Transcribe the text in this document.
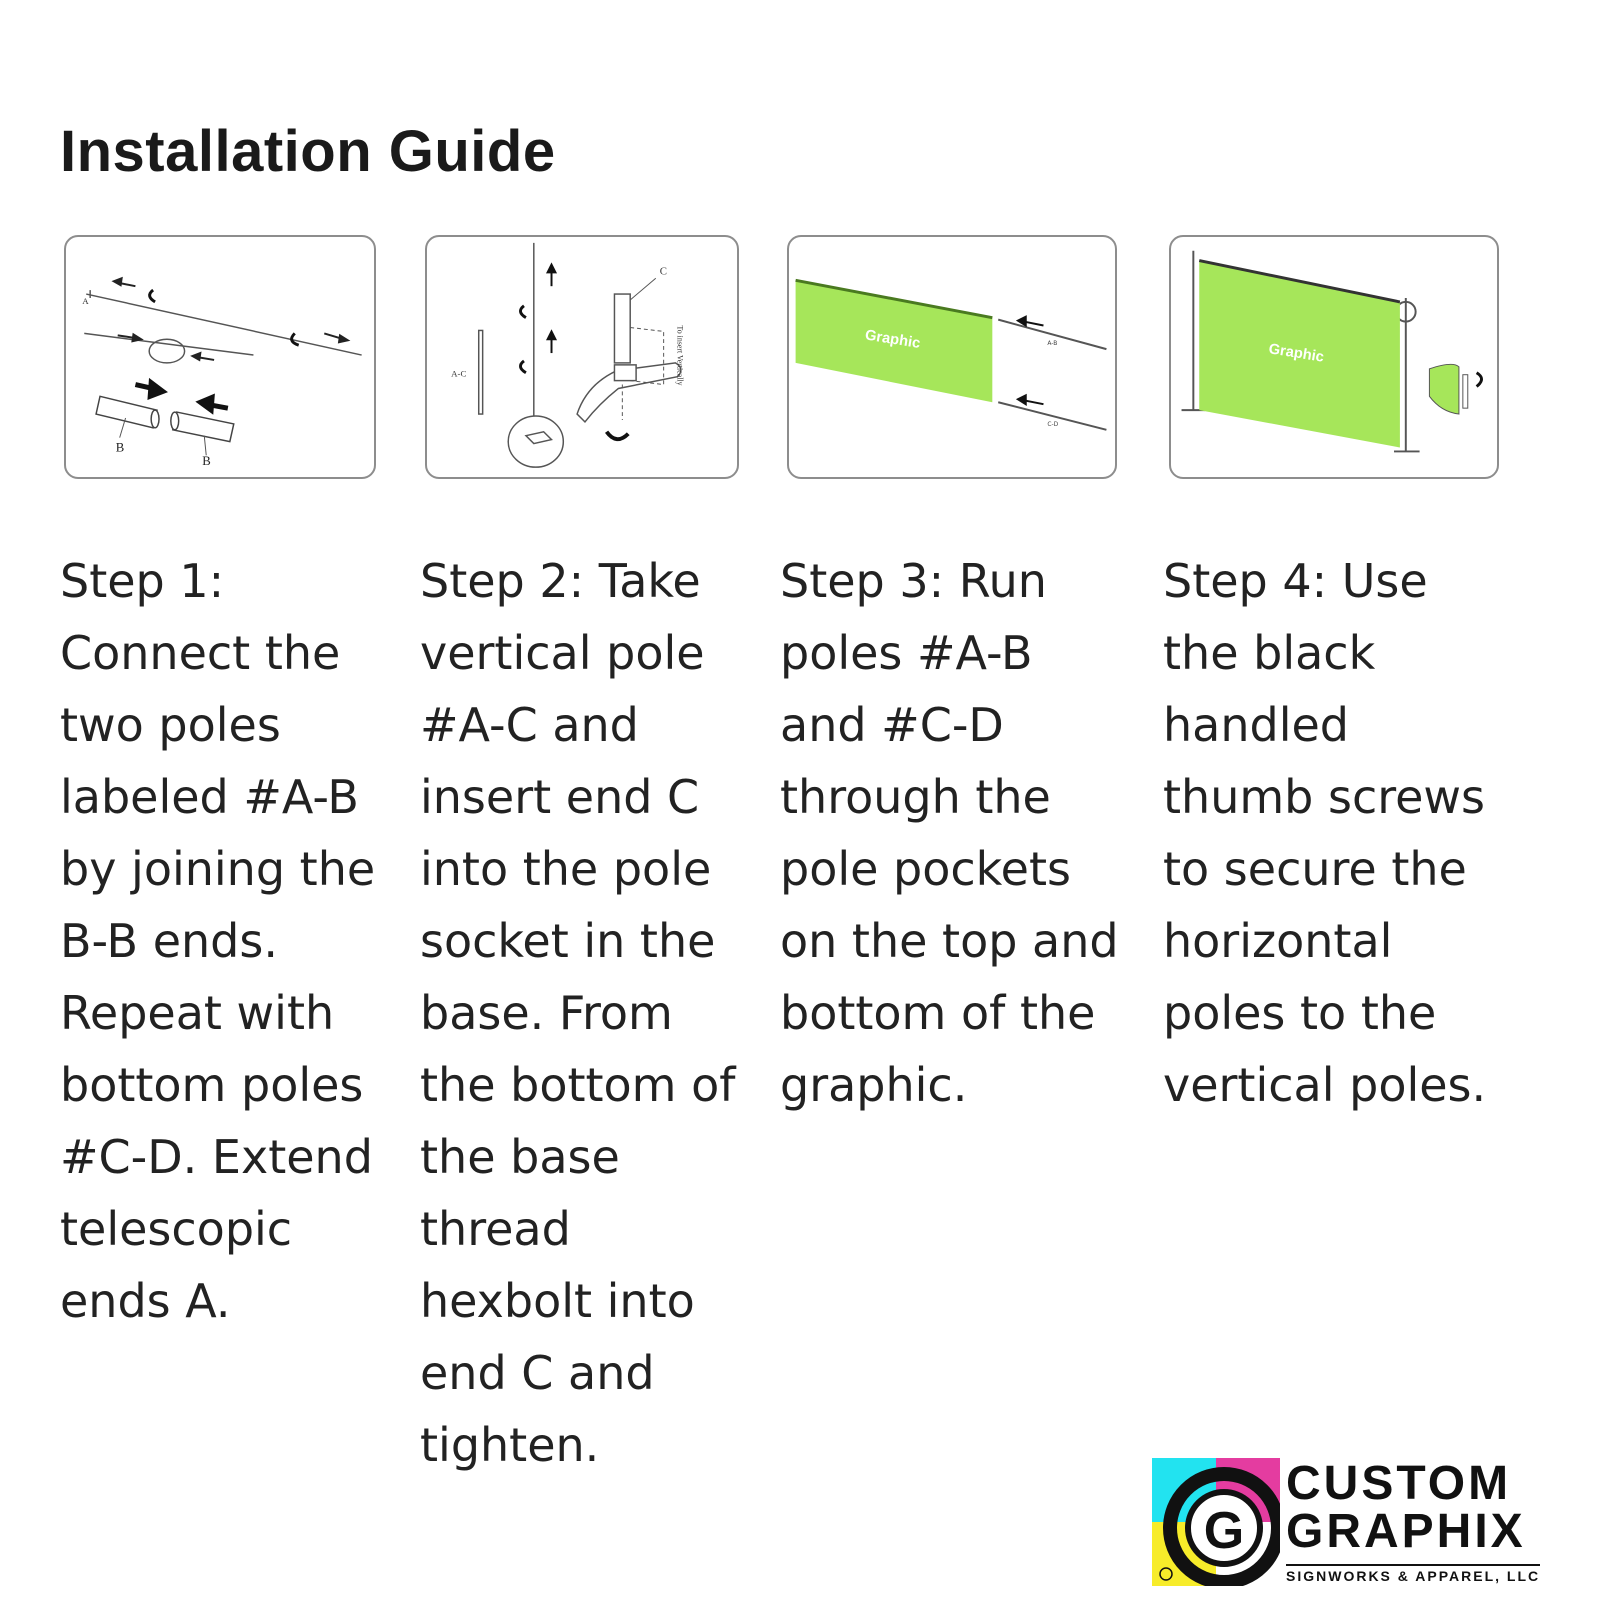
Installation Guide
A
B
B
A-C
C
To insert Vertically	Graphic	A-B
C-D
Graphic

Step 1: Connect the two poles labeled #A-B by joining the B-B ends. Repeat with bottom poles #C-D. Extend telescopic ends A.

Step 2: Take vertical pole #A-C and insert end C into the pole socket in the base. From the bottom of the base thread hexbolt into end C and tighten.

Step 3: Run poles #A-B and #C-D through the pole pockets on the top and bottom of the graphic.

Step 4: Use the black handled thumb screws to secure the horizontal poles to the vertical poles.

G
CUSTOM
GRAPHIX
SIGNWORKS & APPAREL, LLC
